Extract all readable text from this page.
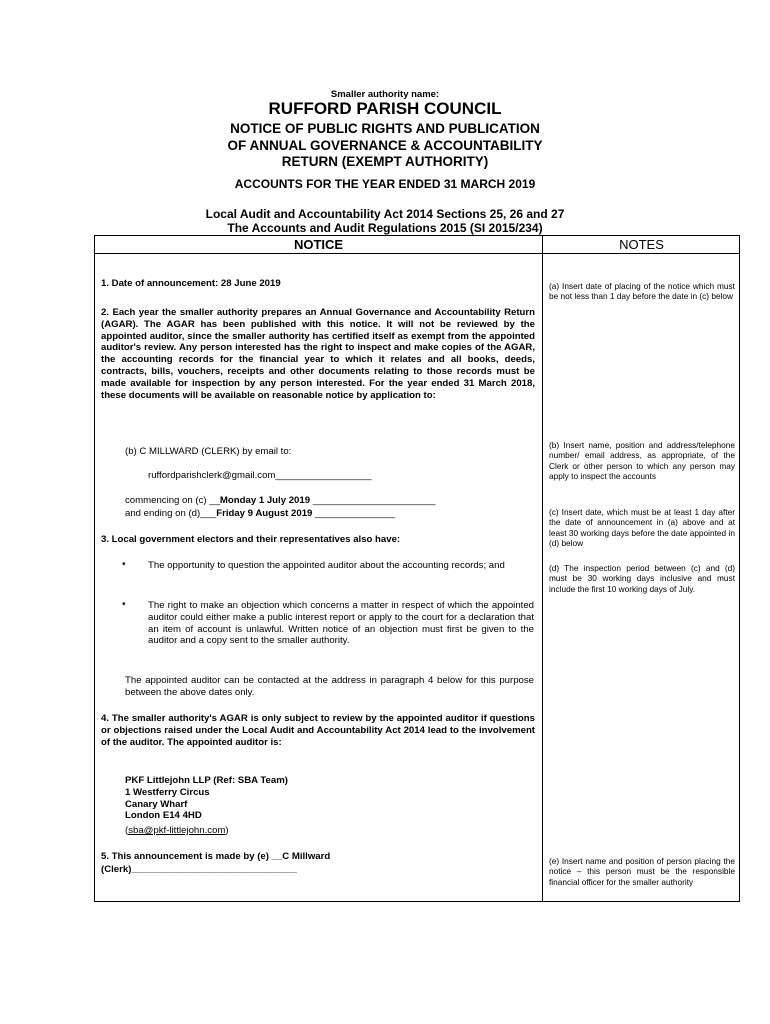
Smaller authority name:
RUFFORD PARISH COUNCIL
NOTICE OF PUBLIC RIGHTS AND PUBLICATION
OF ANNUAL GOVERNANCE & ACCOUNTABILITY
RETURN (EXEMPT AUTHORITY)
ACCOUNTS FOR THE YEAR ENDED 31 MARCH 2019
Local Audit and Accountability Act 2014 Sections 25, 26 and 27
The Accounts and Audit Regulations 2015 (SI 2015/234)
NOTICE	NOTES
1. Date of announcement: 28 June 2019
2. Each year the smaller authority prepares an Annual Governance and Accountability Return (AGAR). The AGAR has been published with this notice. It will not be reviewed by the appointed auditor, since the smaller authority has certified itself as exempt from the appointed auditor's review. Any person interested has the right to inspect and make copies of the AGAR, the accounting records for the financial year to which it relates and all books, deeds, contracts, bills, vouchers, receipts and other documents relating to those records must be made available for inspection by any person interested. For the year ended 31 March 2018, these documents will be available on reasonable notice by application to:
(b) C MILLWARD (CLERK) by email to:
ruffordparishclerk@gmail.com__________________
commencing on (c) __Monday 1 July 2019 _______________________
and ending on (d)___Friday 9 August 2019 _______________
3. Local government electors and their representatives also have:
• The opportunity to question the appointed auditor about the accounting records; and
• The right to make an objection which concerns a matter in respect of which the appointed auditor could either make a public interest report or apply to the court for a declaration that an item of account is unlawful. Written notice of an objection must first be given to the auditor and a copy sent to the smaller authority.
The appointed auditor can be contacted at the address in paragraph 4 below for this purpose between the above dates only.
4. The smaller authority's AGAR is only subject to review by the appointed auditor if questions or objections raised under the Local Audit and Accountability Act 2014 lead to the involvement of the auditor. The appointed auditor is:
PKF Littlejohn LLP (Ref: SBA Team)
1 Westferry Circus
Canary Wharf
London E14 4HD
(sba@pkf-littlejohn.com)
5. This announcement is made by (e) __C Millward
(Clerk)_______________________________
(a) Insert date of placing of the notice which must be not less than 1 day before the date in (c) below
(b) Insert name, position and address/telephone number/ email address, as appropriate, of the Clerk or other person to which any person may apply to inspect the accounts
(c) Insert date, which must be at least 1 day after the date of announcement in (a) above and at least 30 working days before the date appointed in (d) below
(d) The inspection period between (c) and (d) must be 30 working days inclusive and must include the first 10 working days of July.
(e) Insert name and position of person placing the notice – this person must be the responsible financial officer for the smaller authority
